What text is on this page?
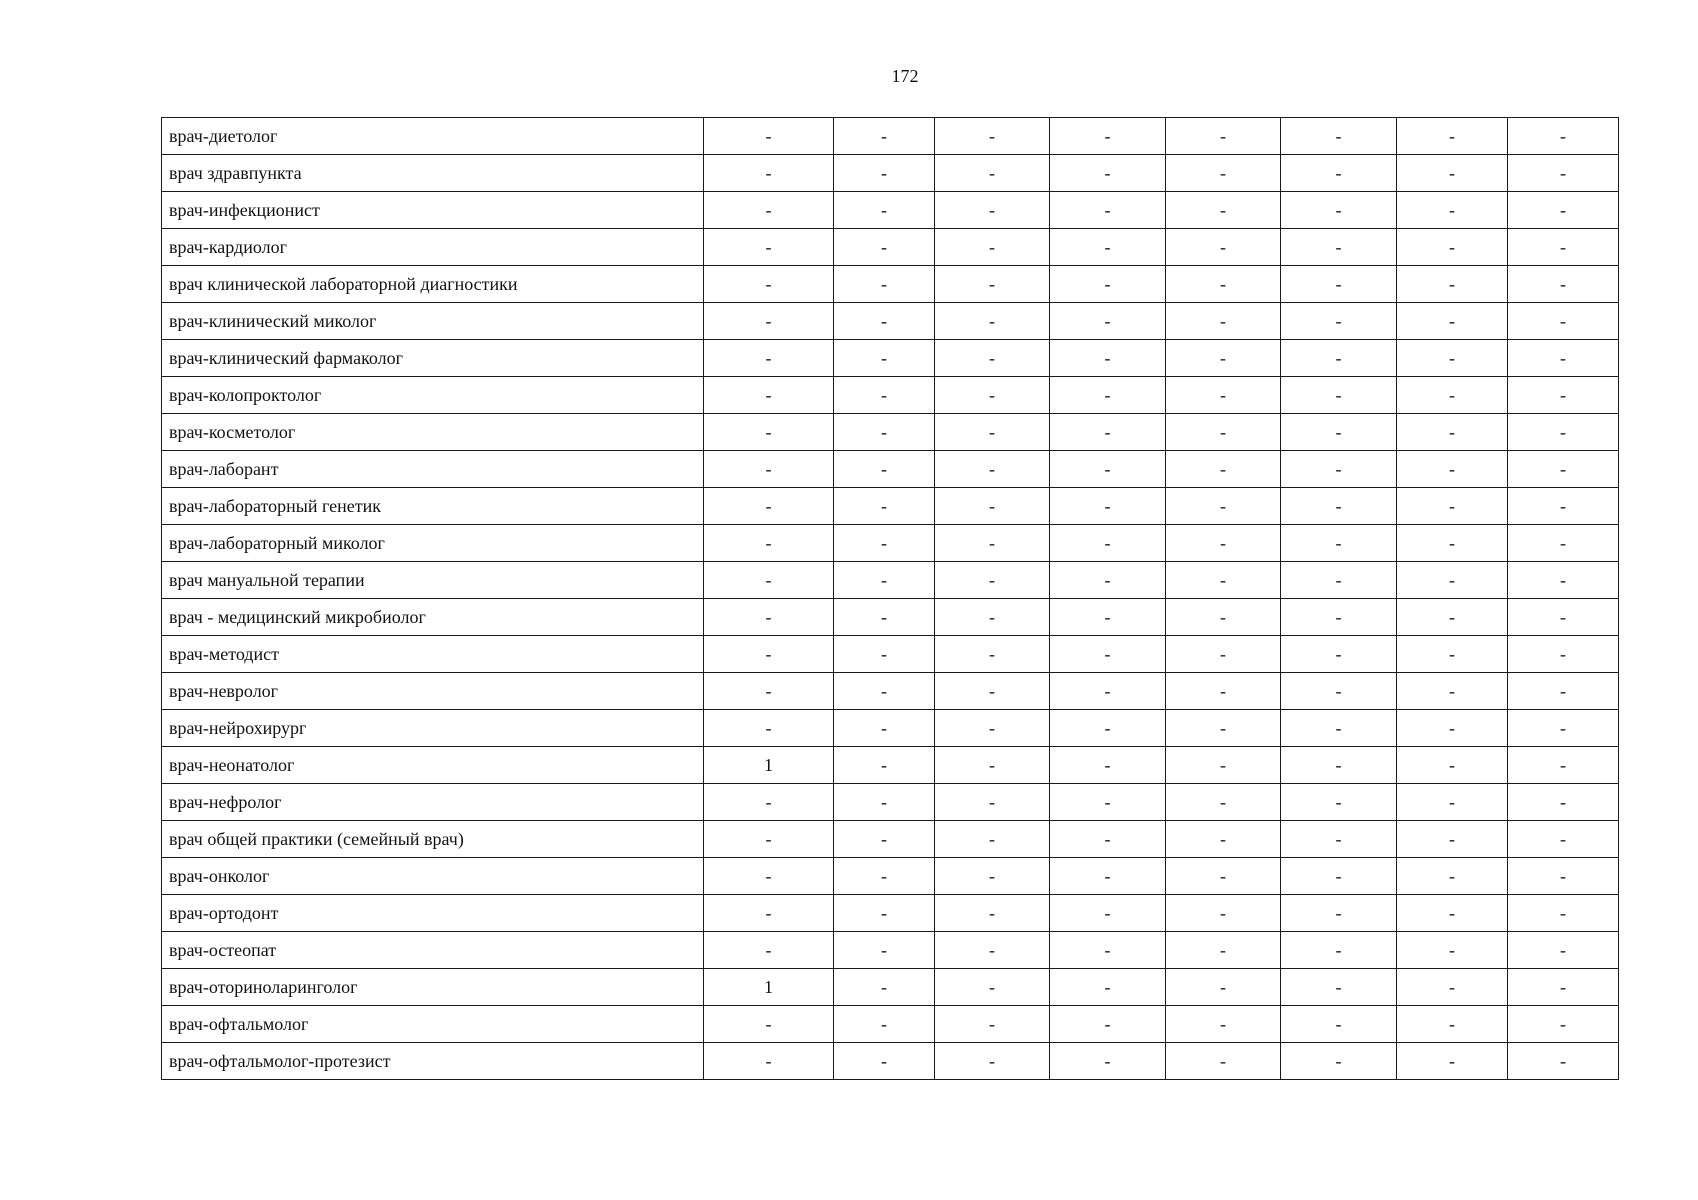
172
врач-диетолог	-	-	-	-	-	-	-	-
врач здравпункта	-	-	-	-	-	-	-	-
врач-инфекционист	-	-	-	-	-	-	-	-
врач-кардиолог	-	-	-	-	-	-	-	-
врач клинической лабораторной диагностики	-	-	-	-	-	-	-	-
врач-клинический миколог	-	-	-	-	-	-	-	-
врач-клинический фармаколог	-	-	-	-	-	-	-	-
врач-колопроктолог	-	-	-	-	-	-	-	-
врач-косметолог	-	-	-	-	-	-	-	-
врач-лаборант	-	-	-	-	-	-	-	-
врач-лабораторный генетик	-	-	-	-	-	-	-	-
врач-лабораторный миколог	-	-	-	-	-	-	-	-
врач мануальной терапии	-	-	-	-	-	-	-	-
врач - медицинский микробиолог	-	-	-	-	-	-	-	-
врач-методист	-	-	-	-	-	-	-	-
врач-невролог	-	-	-	-	-	-	-	-
врач-нейрохирург	-	-	-	-	-	-	-	-
врач-неонатолог	1	-	-	-	-	-	-	-
врач-нефролог	-	-	-	-	-	-	-	-
врач общей практики (семейный врач)	-	-	-	-	-	-	-	-
врач-онколог	-	-	-	-	-	-	-	-
врач-ортодонт	-	-	-	-	-	-	-	-
врач-остеопат	-	-	-	-	-	-	-	-
врач-оториноларинголог	1	-	-	-	-	-	-	-
врач-офтальмолог	-	-	-	-	-	-	-	-
врач-офтальмолог-протезист	-	-	-	-	-	-	-	-
